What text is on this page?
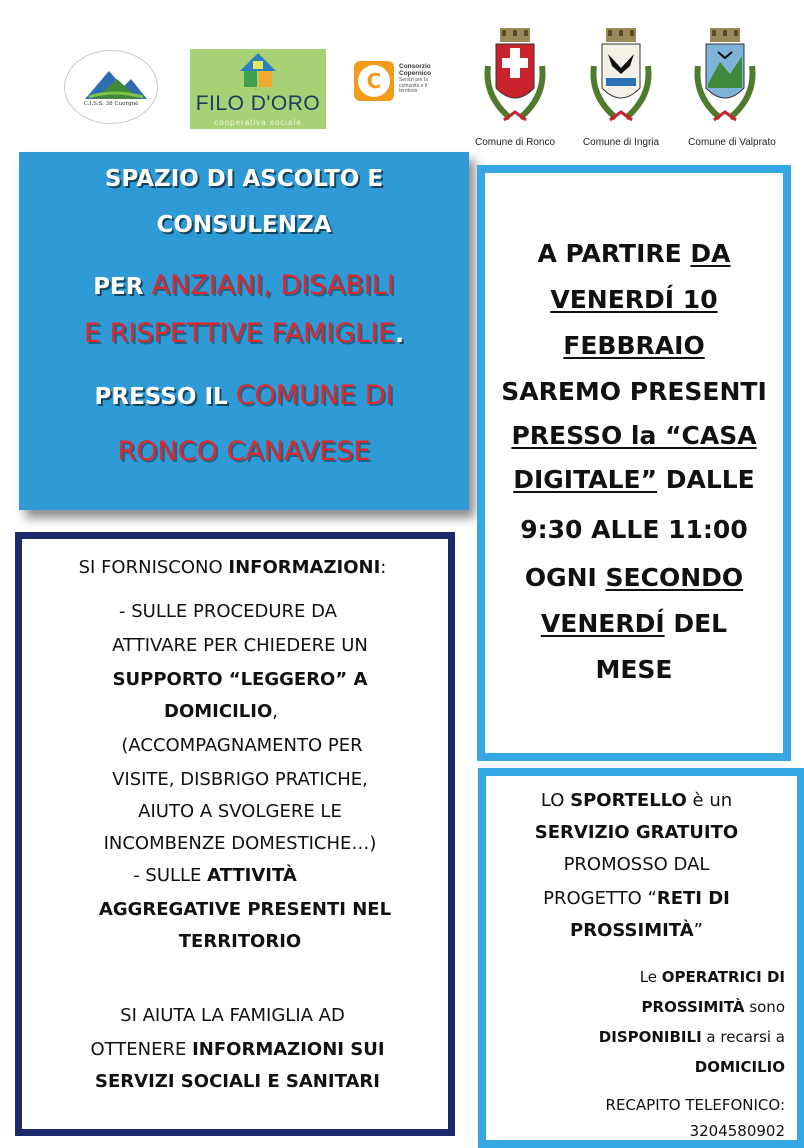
C.I.S.S. 38 Cuorgnè	FILO D'ORO
cooperativa sociale
C
Consorzio Copernico
Servizi per la comunità e il territorio
Comune di Ronco	Comune di Ingria	Comune di Valprato
SPAZIO DI ASCOLTO E
CONSULENZA
PER ANZIANI, DISABILI
E RISPETTIVE FAMIGLIE.
PRESSO IL COMUNE DI
RONCO CANAVESE
A PARTIRE DA
VENERDÍ 10
FEBBRAIO
SAREMO PRESENTI
PRESSO la “CASA
DIGITALE” DALLE
9:30 ALLE 11:00
OGNI SECONDO
VENERDÍ DEL
MESE
SI FORNISCONO INFORMAZIONI:
- SULLE PROCEDURE DA
ATTIVARE PER CHIEDERE UN
SUPPORTO “LEGGERO” A
DOMICILIO,
(ACCOMPAGNAMENTO PER
VISITE, DISBRIGO PRATICHE,
AIUTO A SVOLGERE LE
INCOMBENZE DOMESTICHE…)
- SULLE ATTIVITÀ
AGGREGATIVE PRESENTI NEL
TERRITORIO
SI AIUTA LA FAMIGLIA AD
OTTENERE INFORMAZIONI SUI
SERVIZI SOCIALI E SANITARI
LO SPORTELLO è un
SERVIZIO GRATUITO
PROMOSSO DAL
PROGETTO “RETI DI
PROSSIMITÀ”
Le OPERATRICI DI
PROSSIMITÀ sono
DISPONIBILI a recarsi a
DOMICILIO
RECAPITO TELEFONICO:
3204580902
